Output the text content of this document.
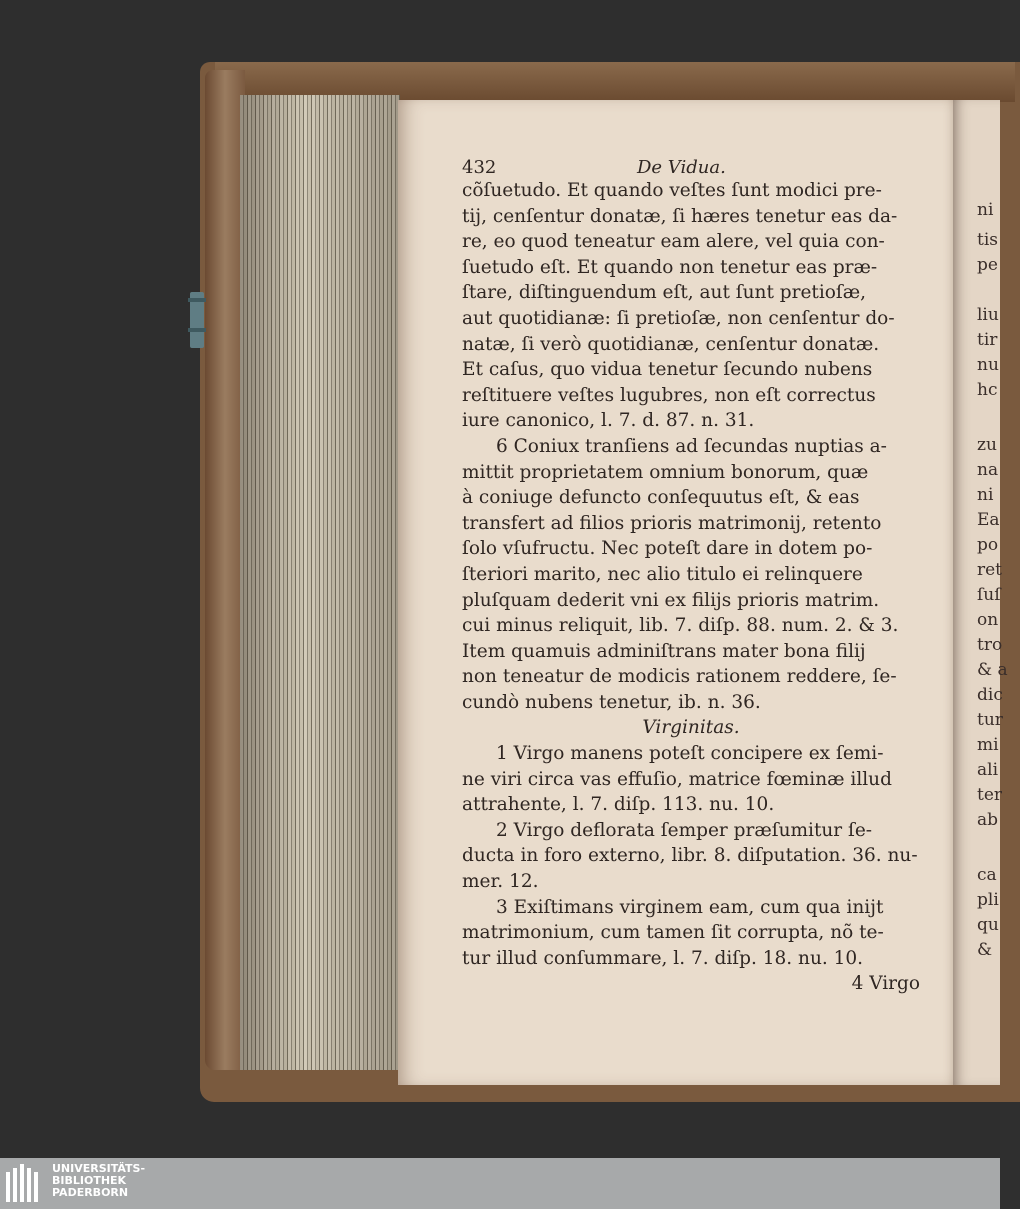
ni
tis
pe
liu
tir
nu
hc
zu
na
ni
Ea
po
ret
ſuſ
on
tro
& a
dic
tur
mi
ali
ter
ab
ca
pli
qu
&
432	De Vidua.
cõſuetudo. Et quando veſtes ſunt modici pre-
tij, cenſentur donatæ, ſi hæres tenetur eas da-
re, eo quod teneatur eam alere, vel quia con-
ſuetudo eſt. Et quando non tenetur eas præ-
ſtare, diſtinguendum eſt, aut ſunt pretioſæ,
aut quotidianæ: ſi pretioſæ, non cenſentur do-
natæ, ſi verò quotidianæ, cenſentur donatæ.
Et caſus, quo vidua tenetur ſecundo nubens
reſtituere veſtes lugubres, non eſt correctus
iure canonico, l. 7. d. 87. n. 31.
6 Coniux tranſiens ad ſecundas nuptias a-
mittit proprietatem omnium bonorum, quæ
à coniuge defuncto conſequutus eſt, & eas
transfert ad filios prioris matrimonij, retento
ſolo vſufructu. Nec poteſt dare in dotem po-
ſteriori marito, nec alio titulo ei relinquere
pluſquam dederit vni ex filijs prioris matrim.
cui minus reliquit, lib. 7. diſp. 88. num. 2. & 3.
Item quamuis adminiſtrans mater bona filij
non teneatur de modicis rationem reddere, ſe-
cundò nubens tenetur, ib. n. 36.
Virginitas.
1 Virgo manens poteſt concipere ex ſemi-
ne viri circa vas effuſio, matrice fœminæ illud
attrahente, l. 7. diſp. 113. nu. 10.
2 Virgo deflorata ſemper præſumitur ſe-
ducta in foro externo, libr. 8. diſputation. 36. nu-
mer. 12.
3 Exiſtimans virginem eam, cum qua inijt
matrimonium, cum tamen ſit corrupta, nõ te-
tur illud conſummare, l. 7. diſp. 18. nu. 10.
4 Virgo
UNIVERSITÄTS-
BIBLIOTHEK
PADERBORN
